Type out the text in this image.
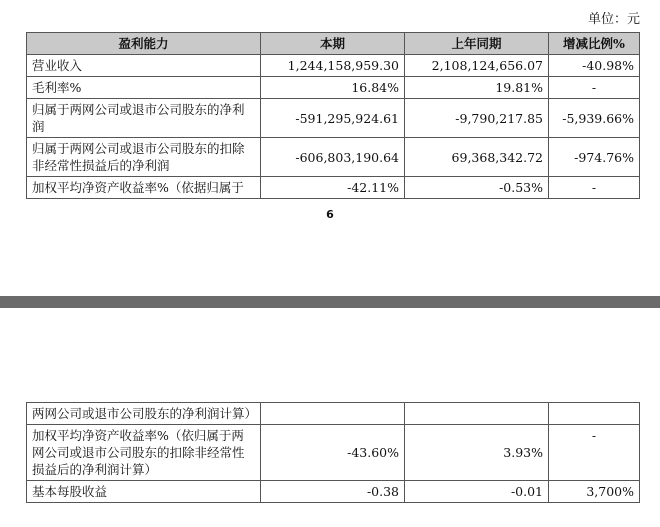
单位：元
盈利能力	本期	上年同期	增减比例%
营业收入	1,244,158,959.30	2,108,124,656.07	-40.98%
毛利率%	16.84%	19.81%	-
归属于两网公司或退市公司股东的净利润	-591,295,924.61	-9,790,217.85	-5,939.66%
归属于两网公司或退市公司股东的扣除非经常性损益后的净利润	-606,803,190.64	69,368,342.72	-974.76%
加权平均净资产收益率%（依据归属于	-42.11%	-0.53%	-
6
两网公司或退市公司股东的净利润计算）			
加权平均净资产收益率%（依归属于两网公司或退市公司股东的扣除非经常性损益后的净利润计算）	-43.60%	3.93%	-
基本每股收益	-0.38	-0.01	3,700%
